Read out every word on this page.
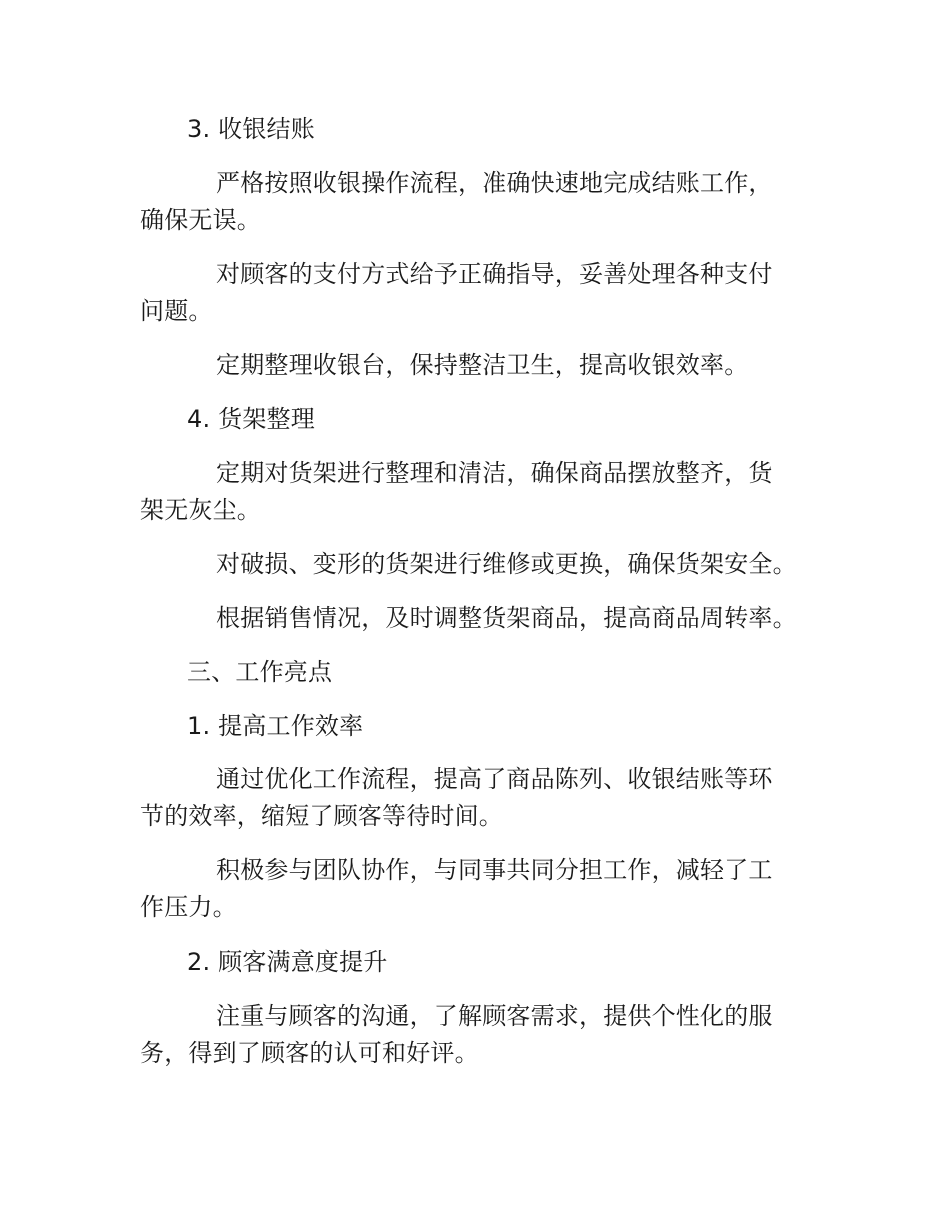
3. 收银结账
严格按照收银操作流程，准确快速地完成结账工作，
确保无误。
对顾客的支付方式给予正确指导，妥善处理各种支付
问题。
定期整理收银台，保持整洁卫生，提高收银效率。
4. 货架整理
定期对货架进行整理和清洁，确保商品摆放整齐，货
架无灰尘。
对破损、变形的货架进行维修或更换，确保货架安全。
根据销售情况，及时调整货架商品，提高商品周转率。
三、工作亮点
1. 提高工作效率
通过优化工作流程，提高了商品陈列、收银结账等环
节的效率，缩短了顾客等待时间。
积极参与团队协作，与同事共同分担工作，减轻了工
作压力。
2. 顾客满意度提升
注重与顾客的沟通，了解顾客需求，提供个性化的服
务，得到了顾客的认可和好评。
